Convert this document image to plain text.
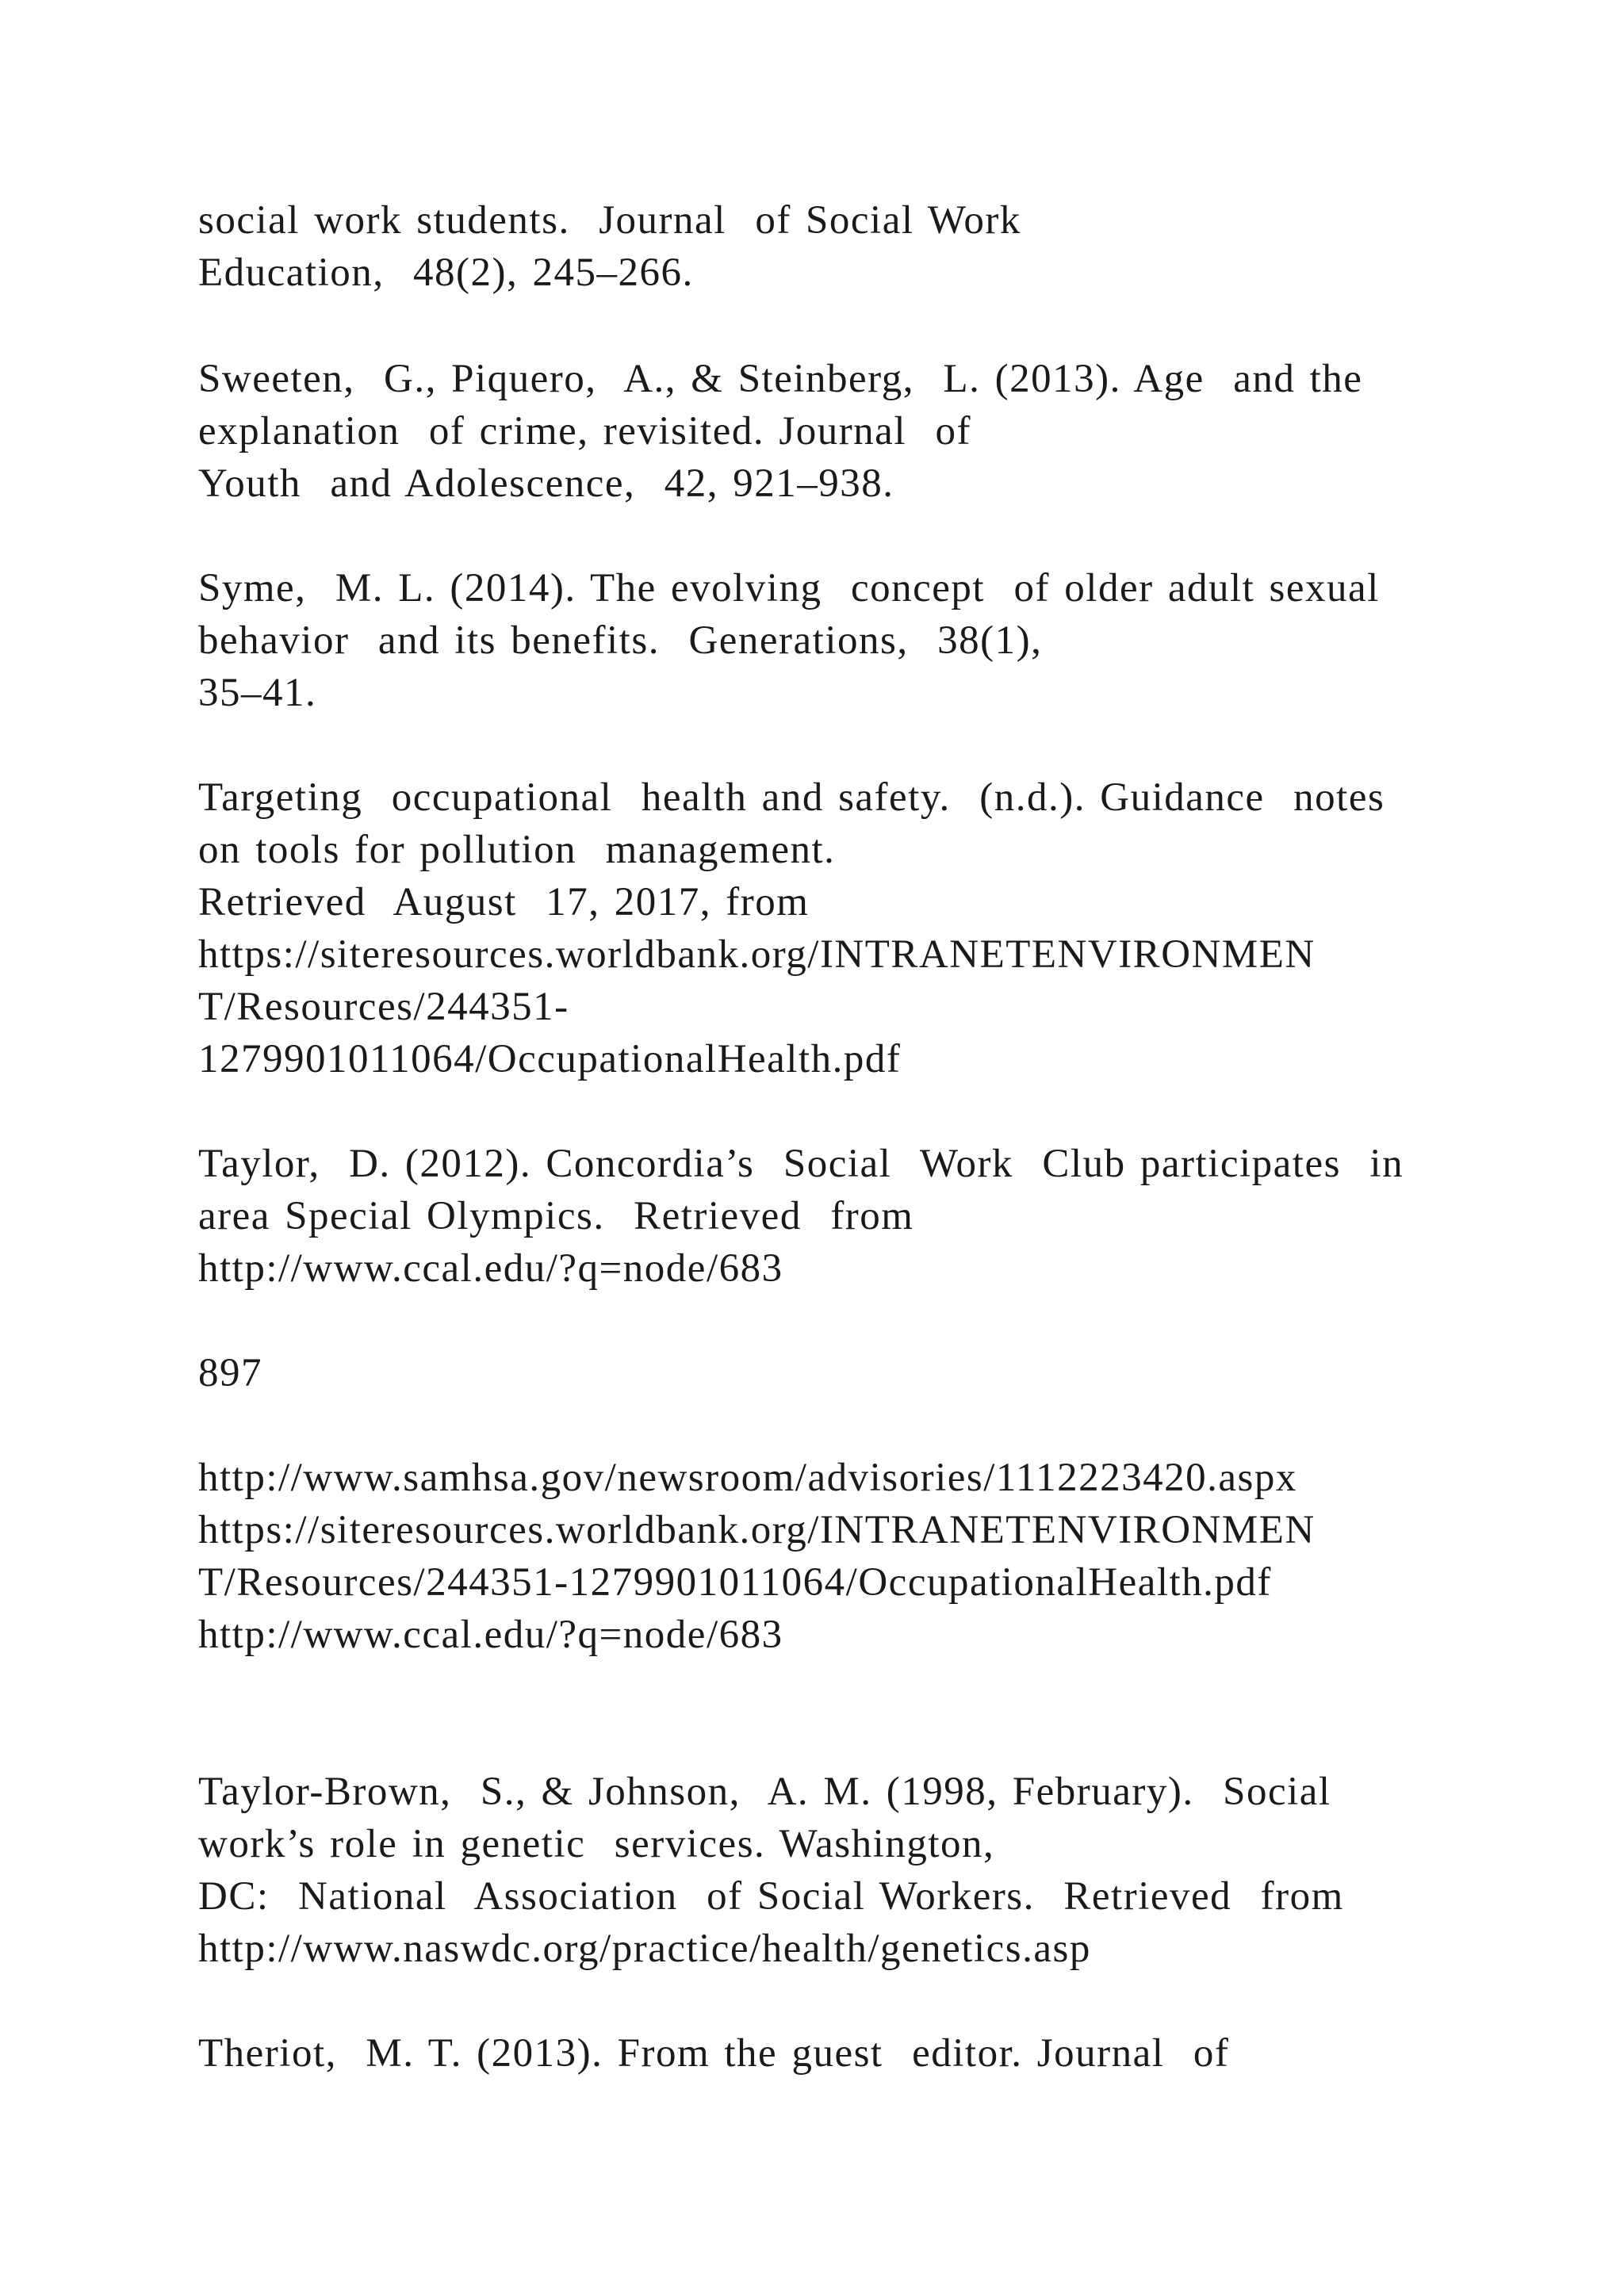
social work students.  Journal  of Social Work

Education,  48(2), 245–266.

Sweeten,  G., Piquero,  A., & Steinberg,  L. (2013). Age  and the

explanation  of crime, revisited. Journal  of

Youth  and Adolescence,  42, 921–938.

Syme,  M. L. (2014). The evolving  concept  of older adult sexual

behavior  and its benefits.  Generations,  38(1),

35–41.

Targeting  occupational  health and safety.  (n.d.). Guidance  notes

on tools for pollution  management.

Retrieved  August  17, 2017, from

https://siteresources.worldbank.org/INTRANETENVIRONMEN

T/Resources/244351-

1279901011064/OccupationalHealth.pdf

Taylor,  D. (2012). Concordia’s  Social  Work  Club participates  in

area Special Olympics.  Retrieved  from

http://www.ccal.edu/?q=node/683

897

http://www.samhsa.gov/newsroom/advisories/1112223420.aspx

https://siteresources.worldbank.org/INTRANETENVIRONMEN

T/Resources/244351-1279901011064/OccupationalHealth.pdf

http://www.ccal.edu/?q=node/683

Taylor-Brown,  S., & Johnson,  A. M. (1998, February).  Social

work’s role in genetic  services. Washington,

DC:  National  Association  of Social Workers.  Retrieved  from

http://www.naswdc.org/practice/health/genetics.asp

Theriot,  M. T. (2013). From the guest  editor. Journal  of
